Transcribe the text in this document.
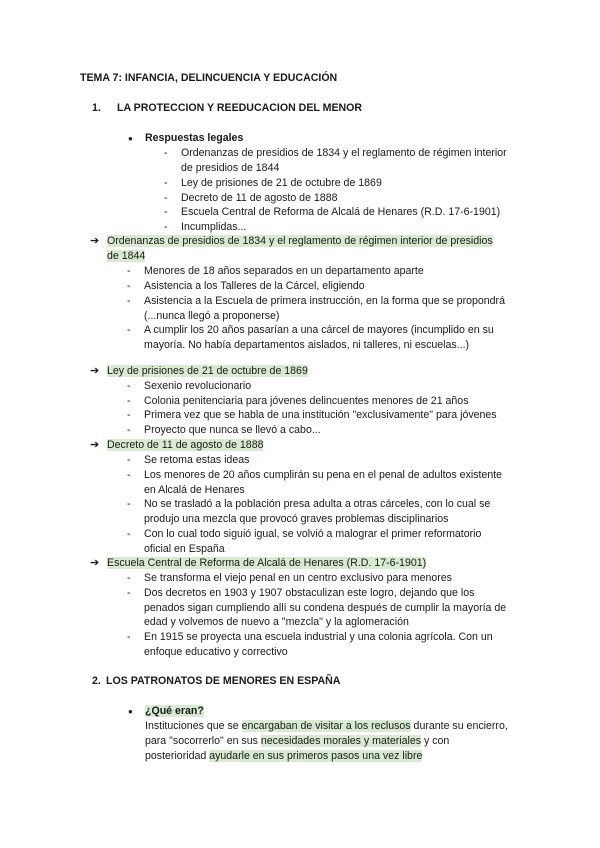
TEMA 7: INFANCIA, DELINCUENCIA Y EDUCACIÓN
1. LA PROTECCION Y REEDUCACION DEL MENOR
● Respuestas legales
- Ordenanzas de presidios de 1834 y el reglamento de régimen interior
de presidios de 1844
- Ley de prisiones de 21 de octubre de 1869
- Decreto de 11 de agosto de 1888
- Escuela Central de Reforma de Alcalá de Henares (R.D. 17-6-1901)
- Incumplidas...
➔ Ordenanzas de presidios de 1834 y el reglamento de régimen interior de presidios
de 1844
- Menores de 18 años separados en un departamento aparte
- Asistencia a los Talleres de la Cárcel, eligiendo
- Asistencia a la Escuela de primera instrucción, en la forma que se propondrá
(...nunca llegó a proponerse)
- A cumplir los 20 años pasarían a una cárcel de mayores (incumplido en su
mayoría. No había departamentos aislados, ni talleres, ni escuelas...)
➔ Ley de prisiones de 21 de octubre de 1869
- Sexenio revolucionario
- Colonia penitenciaria para jóvenes delincuentes menores de 21 años
- Primera vez que se habla de una institución "exclusivamente" para jóvenes
- Proyecto que nunca se llevó a cabo...
➔ Decreto de 11 de agosto de 1888
- Se retoma estas ideas
- Los menores de 20 años cumplirán su pena en el penal de adultos existente
en Alcalá de Henares
- No se trasladó a la población presa adulta a otras cárceles, con lo cual se
produjo una mezcla que provocó graves problemas disciplinarios
- Con lo cual todo siguió igual, se volvió a malograr el primer reformatorio
oficial en España
➔ Escuela Central de Reforma de Alcalá de Henares (R.D. 17-6-1901)
- Se transforma el viejo penal en un centro exclusivo para menores
- Dos decretos en 1903 y 1907 obstaculizan este logro, dejando que los
penados sigan cumpliendo allí su condena después de cumplir la mayoría de
edad y volvemos de nuevo a "mezcla" y la aglomeración
- En 1915 se proyecta una escuela industrial y una colonia agrícola. Con un
enfoque educativo y correctivo
2. LOS PATRONATOS DE MENORES EN ESPAÑA
● ¿Qué eran?
Instituciones que se encargaban de visitar a los reclusos durante su encierro,
para "socorrerlo" en sus necesidades morales y materiales y con
posterioridad ayudarle en sus primeros pasos una vez libre
